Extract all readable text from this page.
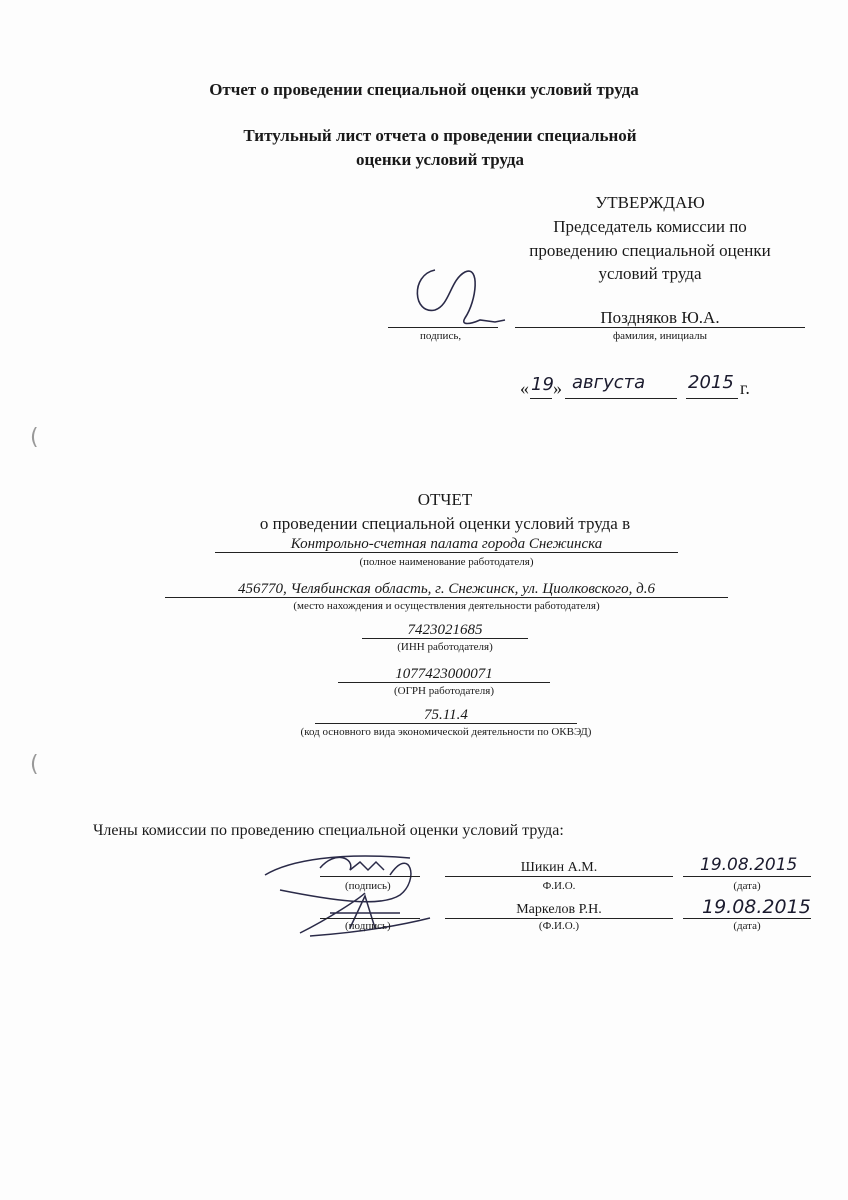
Отчет о проведении специальной оценки условий труда
Титульный лист отчета о проведении специальной
оценки условий труда
УТВЕРЖДАЮ
Председатель комиссии по
проведению специальной оценки
условий труда
Поздняков Ю.А.
подпись,	фамилия, инициалы
« 19 » августа 2015 г.
(
(
ОТЧЕТ
о проведении специальной оценки условий труда в
Контрольно-счетная палата города Снежинска
(полное наименование работодателя)
456770, Челябинская область, г. Снежинск, ул. Циолковского, д.6
(место нахождения и осуществления деятельности работодателя)
7423021685
(ИНН работодателя)
1077423000071
(ОГРН работодателя)
75.11.4
(код основного вида экономической деятельности по ОКВЭД)
Члены комиссии по проведению специальной оценки условий труда:
(подпись)
Шикин А.М.
Ф.И.О.
19.08.2015
(дата)
(подпись)
Маркелов Р.Н.
(Ф.И.О.)
19.08.2015
(дата)
